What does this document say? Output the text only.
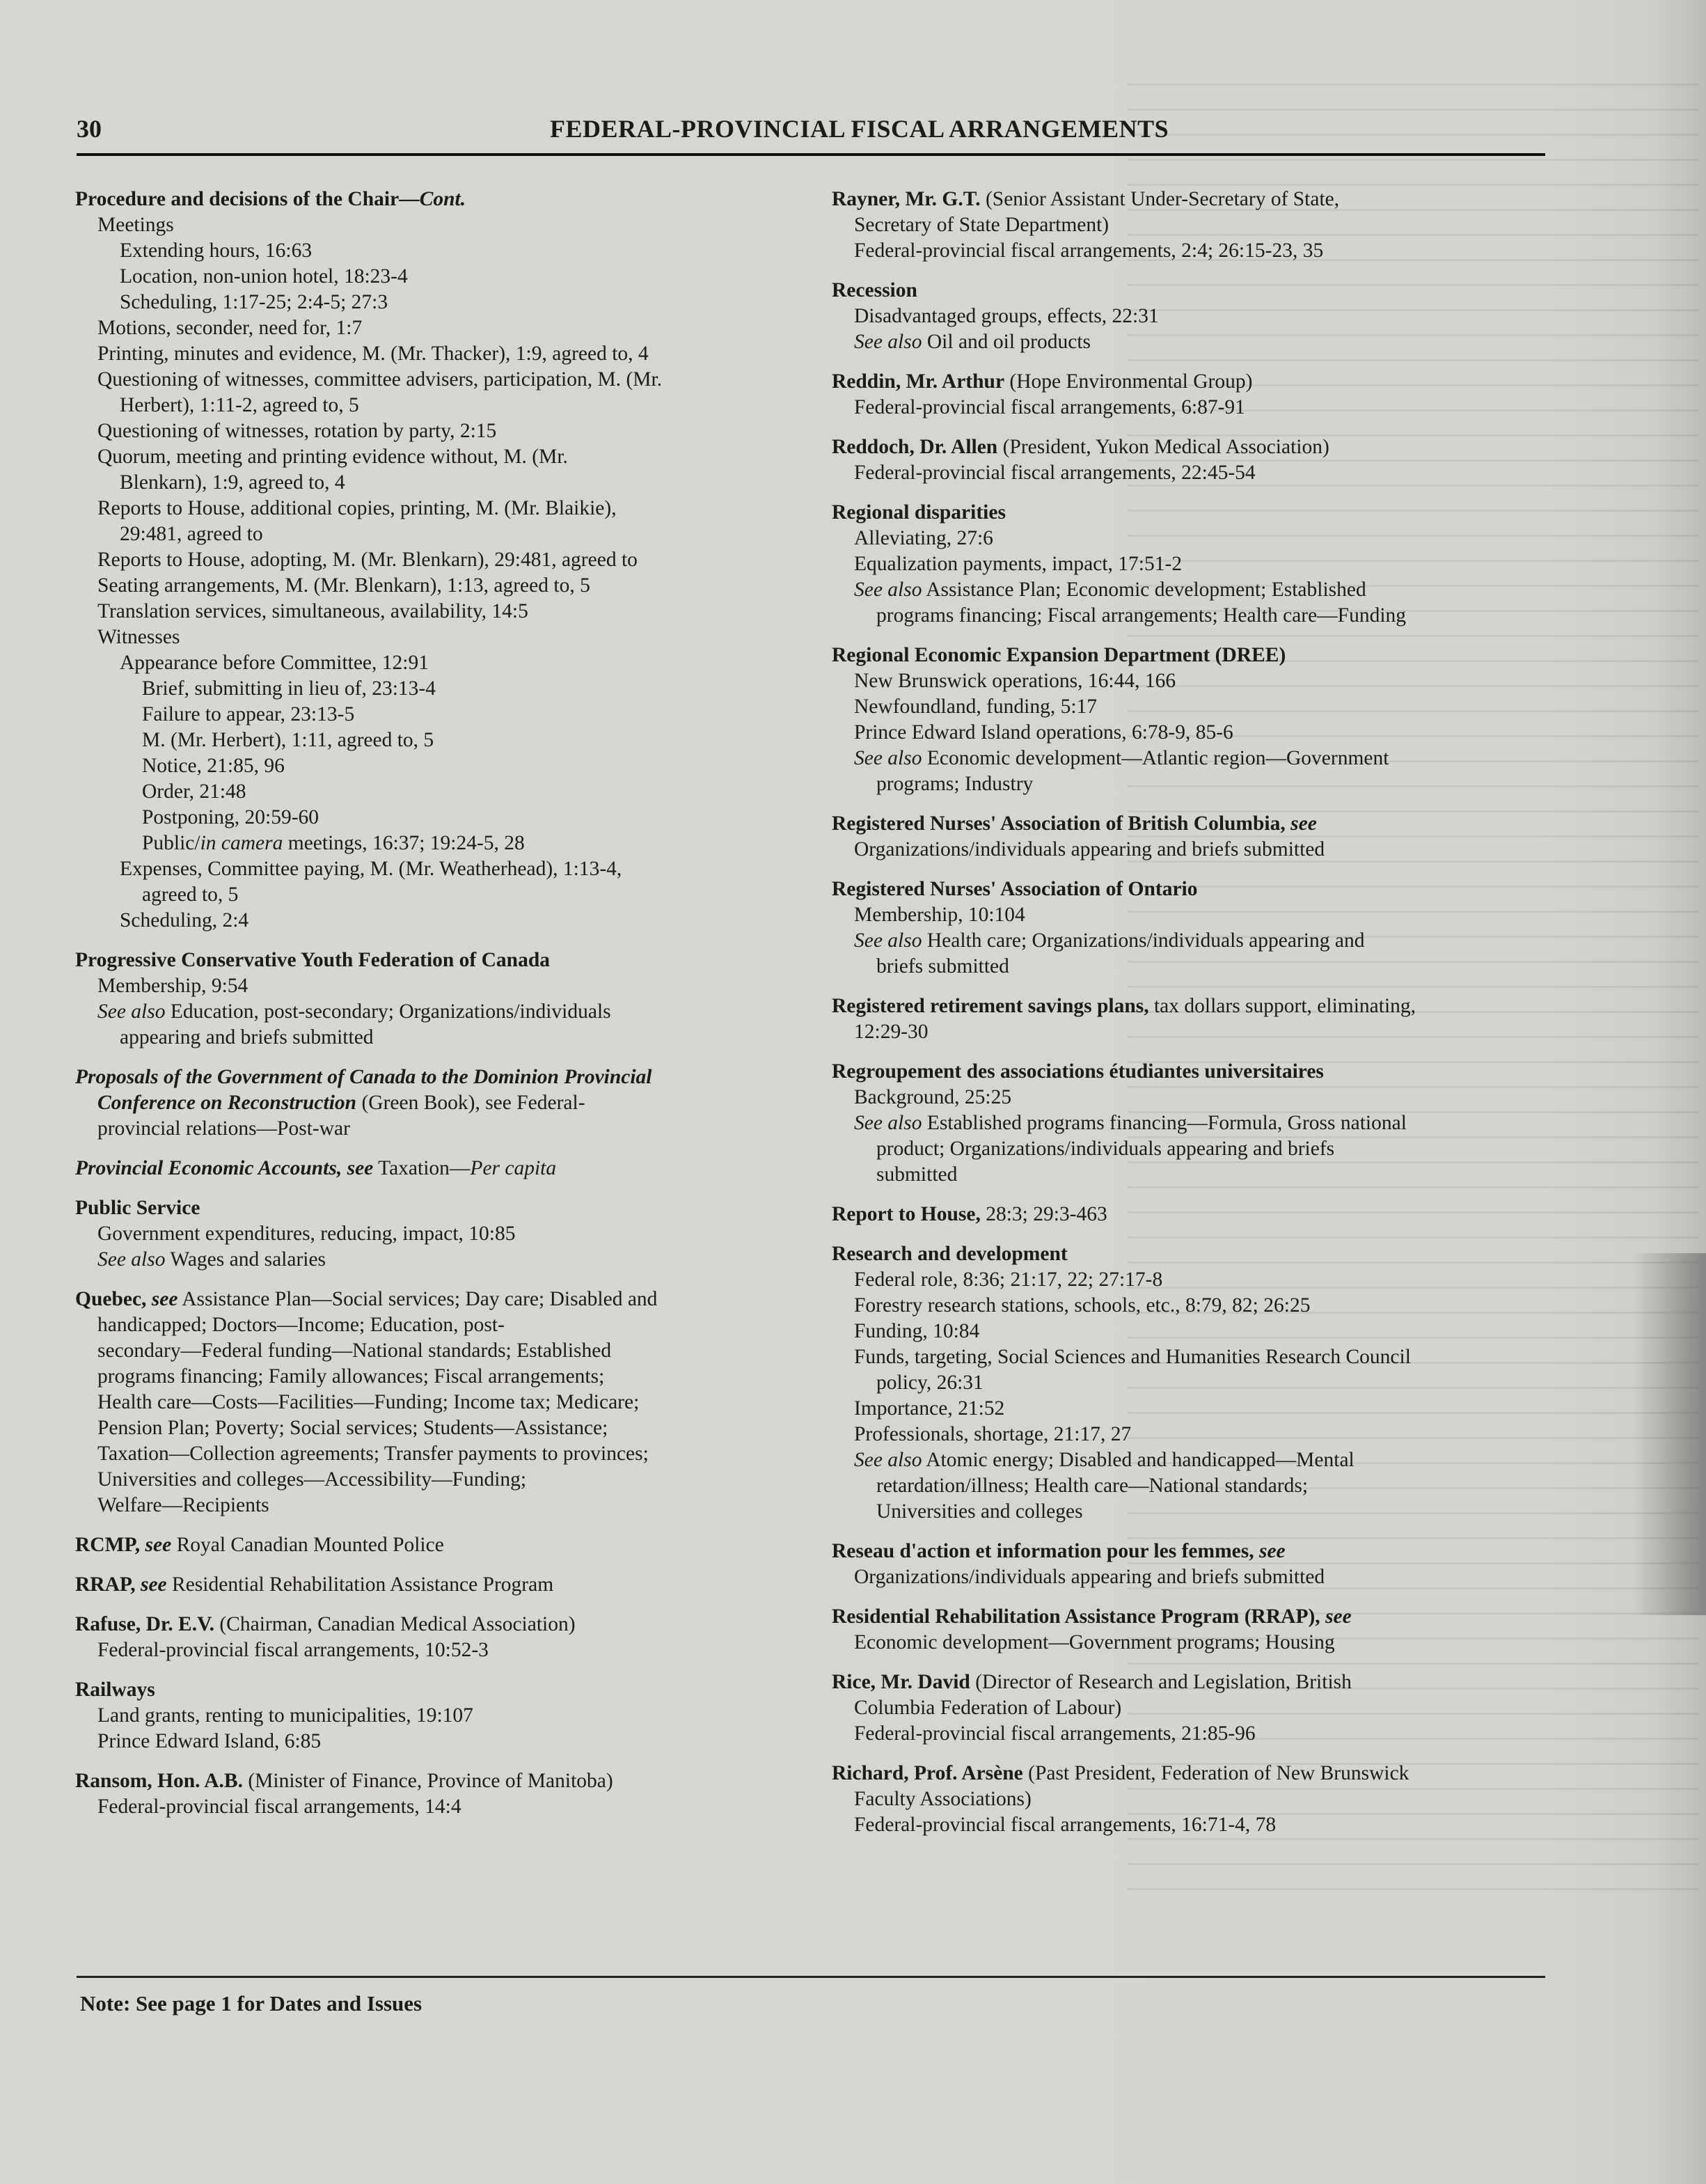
30	FEDERAL-PROVINCIAL FISCAL ARRANGEMENTS
Procedure and decisions of the Chair—Cont.
Meetings
Extending hours, 16:63
Location, non-union hotel, 18:23-4
Scheduling, 1:17-25; 2:4-5; 27:3
Motions, seconder, need for, 1:7
Printing, minutes and evidence, M. (Mr. Thacker), 1:9, agreed to, 4
Questioning of witnesses, committee advisers, participation, M. (Mr.
Herbert), 1:11-2, agreed to, 5
Questioning of witnesses, rotation by party, 2:15
Quorum, meeting and printing evidence without, M. (Mr.
Blenkarn), 1:9, agreed to, 4
Reports to House, additional copies, printing, M. (Mr. Blaikie),
29:481, agreed to
Reports to House, adopting, M. (Mr. Blenkarn), 29:481, agreed to
Seating arrangements, M. (Mr. Blenkarn), 1:13, agreed to, 5
Translation services, simultaneous, availability, 14:5
Witnesses
Appearance before Committee, 12:91
Brief, submitting in lieu of, 23:13-4
Failure to appear, 23:13-5
M. (Mr. Herbert), 1:11, agreed to, 5
Notice, 21:85, 96
Order, 21:48
Postponing, 20:59-60
Public/in camera meetings, 16:37; 19:24-5, 28
Expenses, Committee paying, M. (Mr. Weatherhead), 1:13-4,
agreed to, 5
Scheduling, 2:4
Progressive Conservative Youth Federation of Canada
Membership, 9:54
See also Education, post-secondary; Organizations/individuals
appearing and briefs submitted
Proposals of the Government of Canada to the Dominion Provincial
Conference on Reconstruction (Green Book), see Federal-
provincial relations—Post-war
Provincial Economic Accounts, see Taxation—Per capita
Public Service
Government expenditures, reducing, impact, 10:85
See also Wages and salaries
Quebec, see Assistance Plan—Social services; Day care; Disabled and
handicapped; Doctors—Income; Education, post-
secondary—Federal funding—National standards; Established
programs financing; Family allowances; Fiscal arrangements;
Health care—Costs—Facilities—Funding; Income tax; Medicare;
Pension Plan; Poverty; Social services; Students—Assistance;
Taxation—Collection agreements; Transfer payments to provinces;
Universities and colleges—Accessibility—Funding;
Welfare—Recipients
RCMP, see Royal Canadian Mounted Police
RRAP, see Residential Rehabilitation Assistance Program
Rafuse, Dr. E.V. (Chairman, Canadian Medical Association)
Federal-provincial fiscal arrangements, 10:52-3
Railways
Land grants, renting to municipalities, 19:107
Prince Edward Island, 6:85
Ransom, Hon. A.B. (Minister of Finance, Province of Manitoba)
Federal-provincial fiscal arrangements, 14:4
Rayner, Mr. G.T. (Senior Assistant Under-Secretary of State,
Secretary of State Department)
Federal-provincial fiscal arrangements, 2:4; 26:15-23, 35
Recession
Disadvantaged groups, effects, 22:31
See also Oil and oil products
Reddin, Mr. Arthur (Hope Environmental Group)
Federal-provincial fiscal arrangements, 6:87-91
Reddoch, Dr. Allen (President, Yukon Medical Association)
Federal-provincial fiscal arrangements, 22:45-54
Regional disparities
Alleviating, 27:6
Equalization payments, impact, 17:51-2
See also Assistance Plan; Economic development; Established
programs financing; Fiscal arrangements; Health care—Funding
Regional Economic Expansion Department (DREE)
New Brunswick operations, 16:44, 166
Newfoundland, funding, 5:17
Prince Edward Island operations, 6:78-9, 85-6
See also Economic development—Atlantic region—Government
programs; Industry
Registered Nurses' Association of British Columbia, see
Organizations/individuals appearing and briefs submitted
Registered Nurses' Association of Ontario
Membership, 10:104
See also Health care; Organizations/individuals appearing and
briefs submitted
Registered retirement savings plans, tax dollars support, eliminating,
12:29-30
Regroupement des associations étudiantes universitaires
Background, 25:25
See also Established programs financing—Formula, Gross national
product; Organizations/individuals appearing and briefs
submitted
Report to House, 28:3; 29:3-463
Research and development
Federal role, 8:36; 21:17, 22; 27:17-8
Forestry research stations, schools, etc., 8:79, 82; 26:25
Funding, 10:84
Funds, targeting, Social Sciences and Humanities Research Council
policy, 26:31
Importance, 21:52
Professionals, shortage, 21:17, 27
See also Atomic energy; Disabled and handicapped—Mental
retardation/illness; Health care—National standards;
Universities and colleges
Reseau d'action et information pour les femmes, see
Organizations/individuals appearing and briefs submitted
Residential Rehabilitation Assistance Program (RRAP), see
Economic development—Government programs; Housing
Rice, Mr. David (Director of Research and Legislation, British
Columbia Federation of Labour)
Federal-provincial fiscal arrangements, 21:85-96
Richard, Prof. Arsène (Past President, Federation of New Brunswick
Faculty Associations)
Federal-provincial fiscal arrangements, 16:71-4, 78
Note: See page 1 for Dates and Issues
